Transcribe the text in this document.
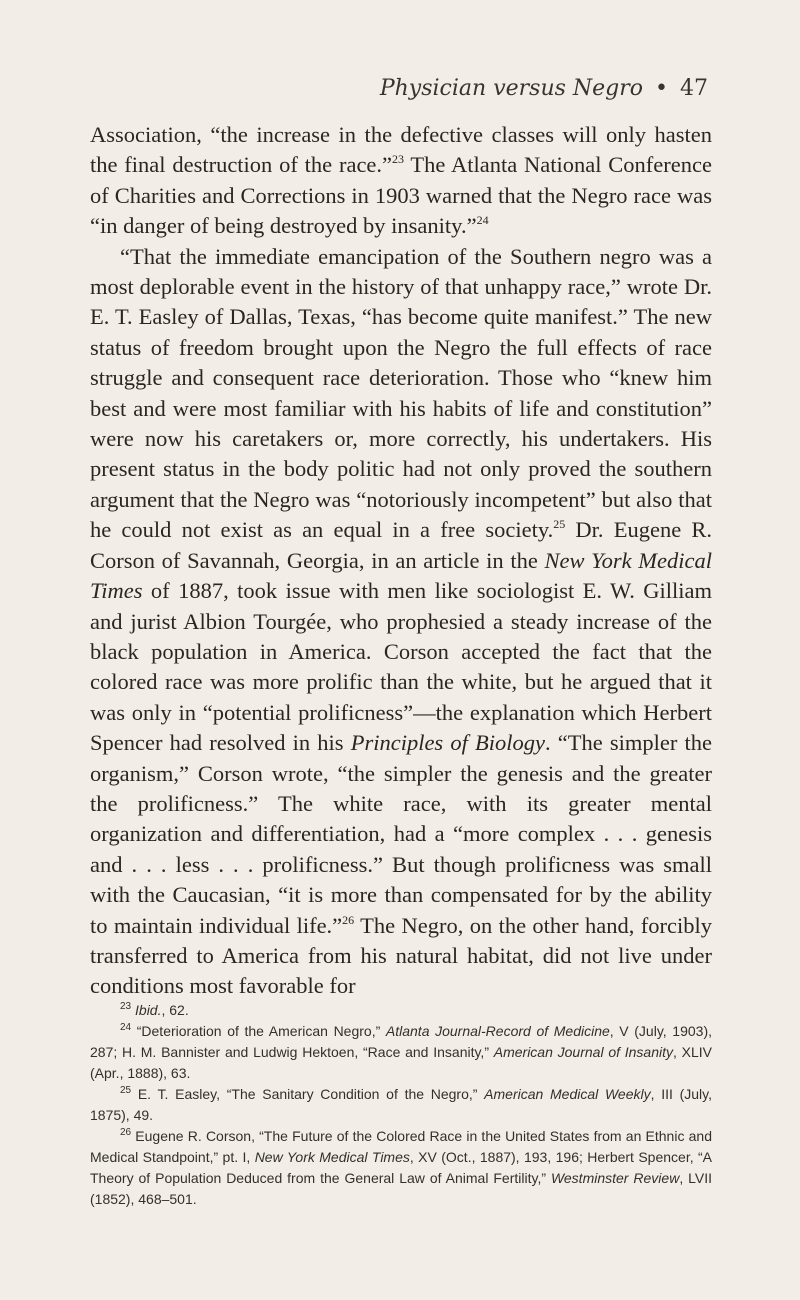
Physician versus Negro • 47

Association, “the increase in the defective classes will only hasten the final destruction of the race.”$^{23}$ The Atlanta National Conference of Charities and Corrections in 1903 warned that the Negro race was “in danger of being destroyed by insanity.”$^{24}$

“That the immediate emancipation of the Southern negro was a most deplorable event in the history of that unhappy race,” wrote Dr. E. T. Easley of Dallas, Texas, “has become quite manifest.” The new status of freedom brought upon the Negro the full effects of race struggle and consequent race deterioration. Those who “knew him best and were most familiar with his habits of life and constitution” were now his caretakers or, more correctly, his undertakers. His present status in the body politic had not only proved the southern argument that the Negro was “notoriously incompetent” but also that he could not exist as an equal in a free society.$^{25}$ Dr. Eugene R. Corson of Savannah, Georgia, in an article in the New York Medical Times of 1887, took issue with men like sociologist E. W. Gilliam and jurist Albion Tourgée, who prophesied a steady increase of the black population in America. Corson accepted the fact that the colored race was more prolific than the white, but he argued that it was only in “potential prolificness”—the explanation which Herbert Spencer had resolved in his Principles of Biology. “The simpler the organism,” Corson wrote, “the simpler the genesis and the greater the prolificness.” The white race, with its greater mental organization and differentiation, had a “more complex . . . genesis and . . . less . . . prolificness.” But though prolificness was small with the Caucasian, “it is more than compensated for by the ability to maintain individual life.”$^{26}$ The Negro, on the other hand, forcibly transferred to America from his natural habitat, did not live under conditions most favorable for

$^{23}$ Ibid., 62.

$^{24}$ “Deterioration of the American Negro,” Atlanta Journal-Record of Medicine, V (July, 1903), 287; H. M. Bannister and Ludwig Hektoen, “Race and Insanity,” American Journal of Insanity, XLIV (Apr., 1888), 63.

$^{25}$ E. T. Easley, “The Sanitary Condition of the Negro,” American Medical Weekly, III (July, 1875), 49.

$^{26}$ Eugene R. Corson, “The Future of the Colored Race in the United States from an Ethnic and Medical Standpoint,” pt. I, New York Medical Times, XV (Oct., 1887), 193, 196; Herbert Spencer, “A Theory of Population Deduced from the General Law of Animal Fertility,” Westminster Review, LVII (1852), 468–501.
